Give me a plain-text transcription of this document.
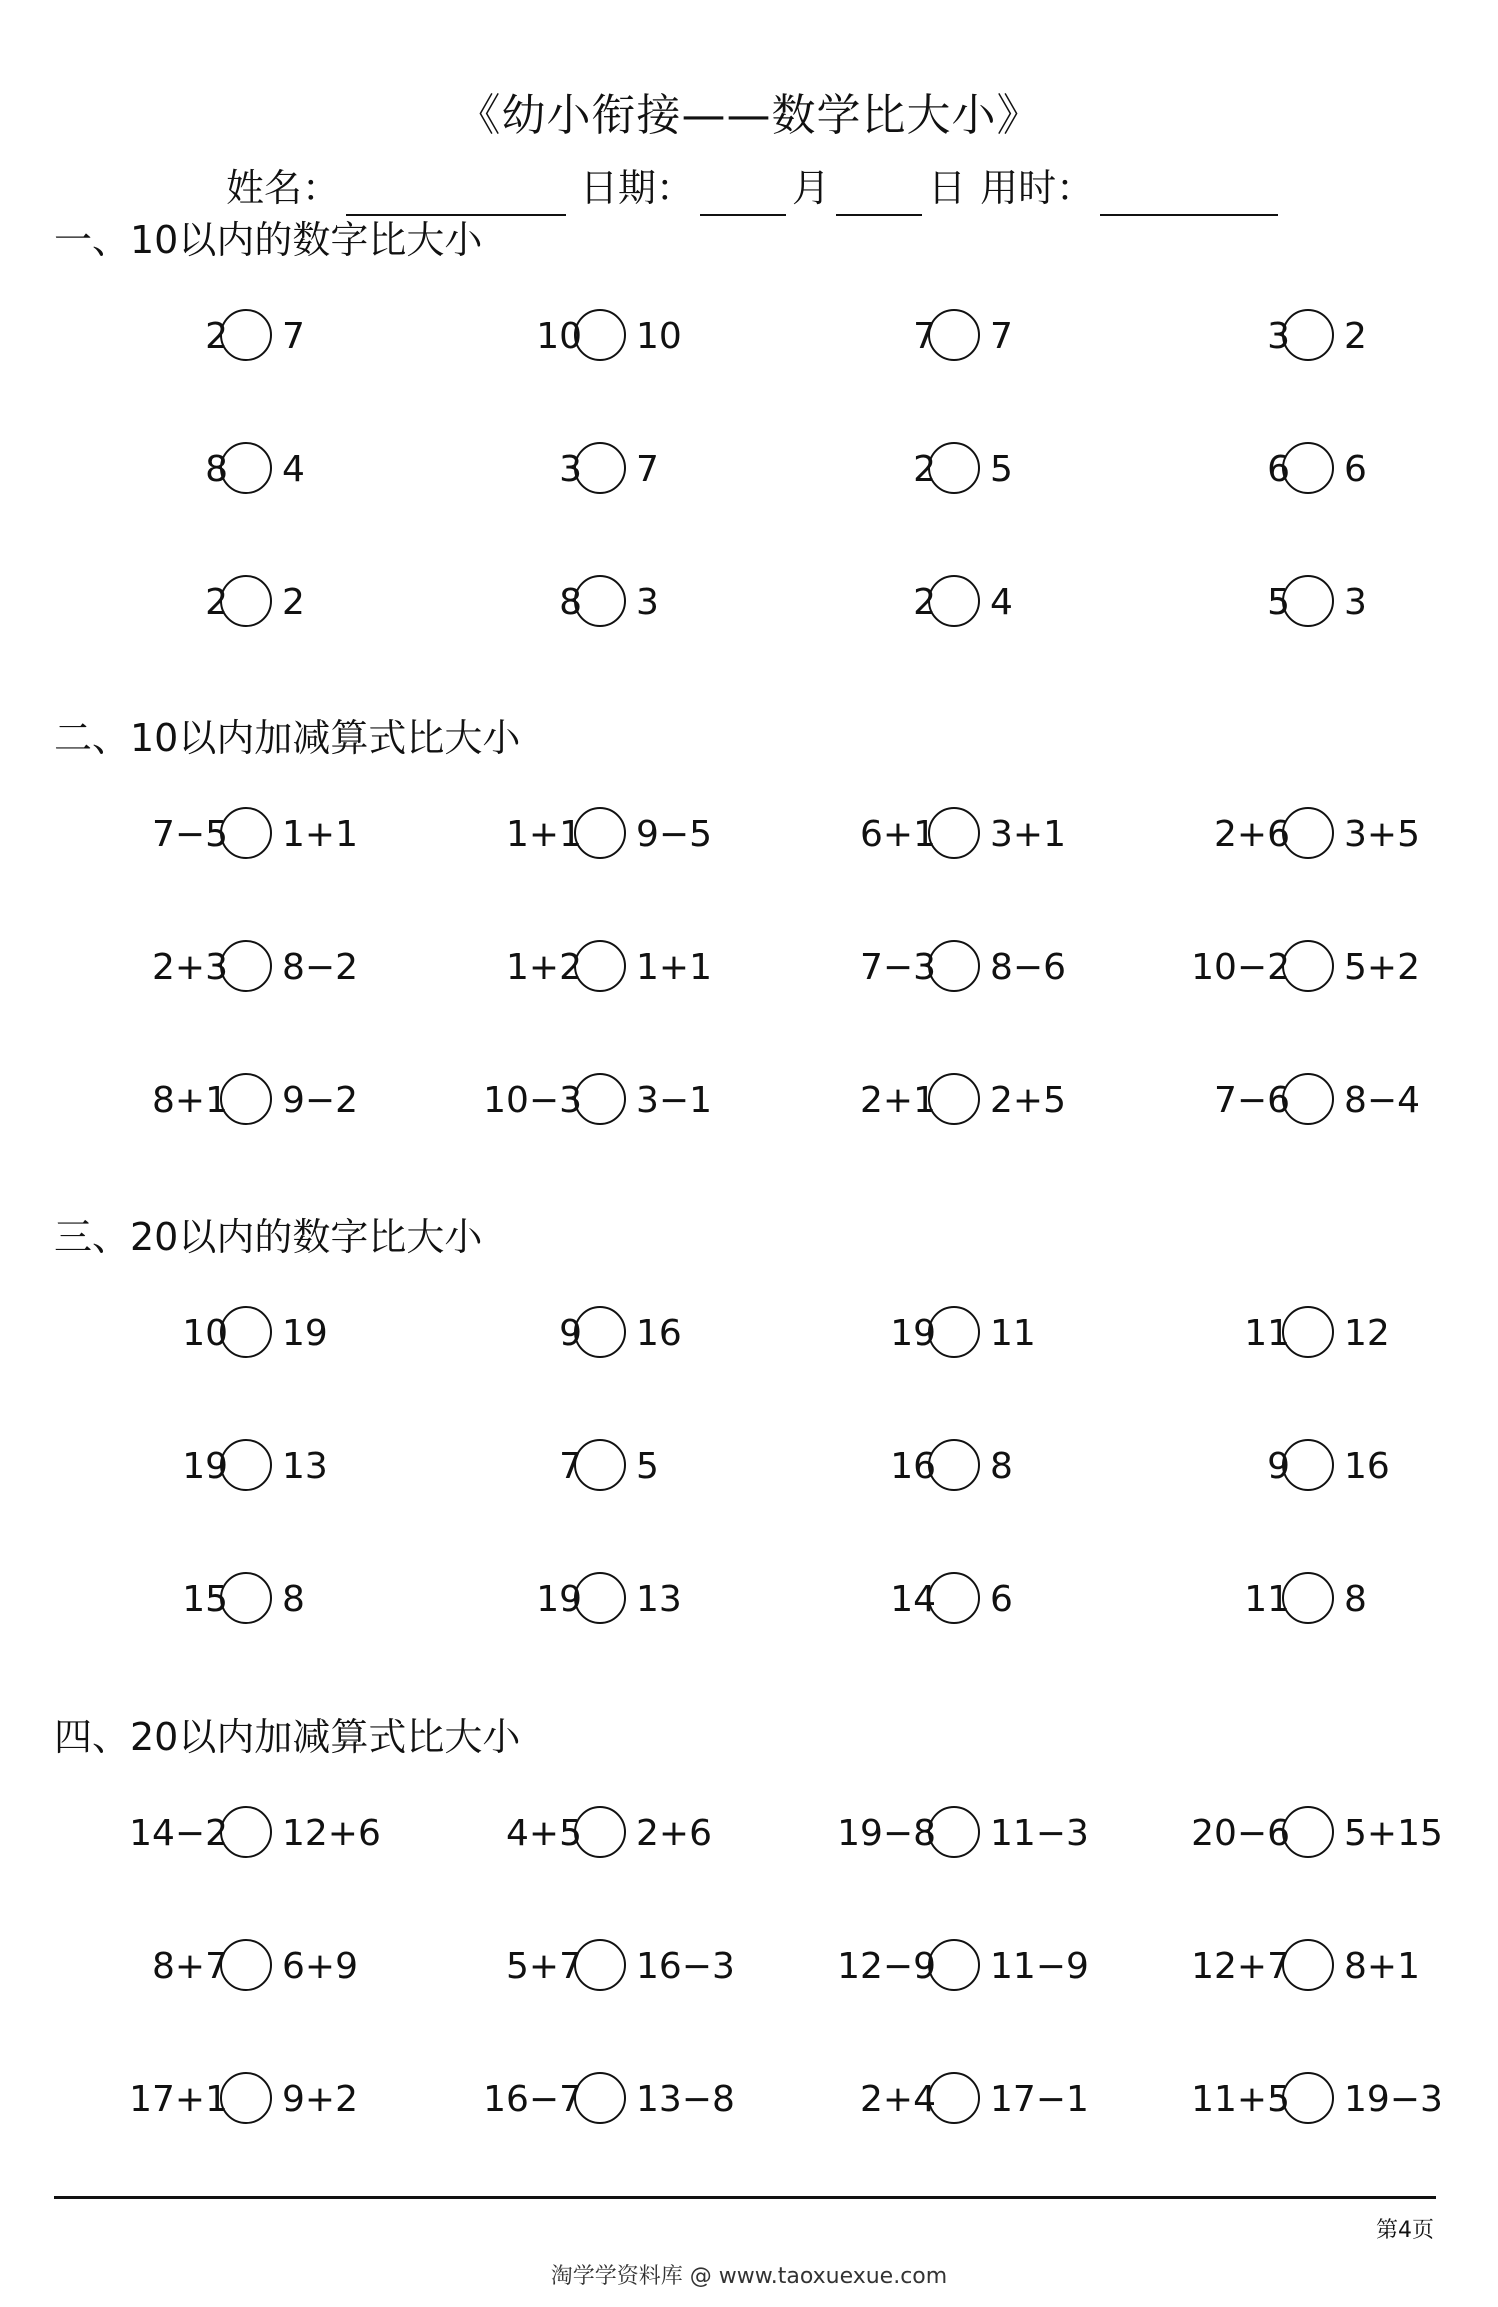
《幼小衔接——数学比大小》
姓名：	日期：	月	日 用时：
一、10以内的数字比大小
2 7	10 10	7 7	3 2
8 4	3 7	2 5	6 6
2 2	8 3	2 4	5 3
二、10以内加减算式比大小
7−5 1+1	1+1 9−5	6+1 3+1	2+6 3+5
2+3 8−2	1+2 1+1	7−3 8−6	10−2 5+2
8+1 9−2	10−3 3−1	2+1 2+5	7−6 8−4
三、20以内的数字比大小
10 19	9 16	19 11	11 12
19 13	7 5	16 8	9 16
15 8	19 13	14 6	11 8
四、20以内加减算式比大小
14−2 12+6	4+5 2+6	19−8 11−3	20−6 5+15
8+7 6+9	5+7 16−3	12−9 11−9	12+7 8+1
17+1 9+2	16−7 13−8	2+4 17−1	11+5 19−3
第4页
淘学学资料库 @ www.taoxuexue.com
